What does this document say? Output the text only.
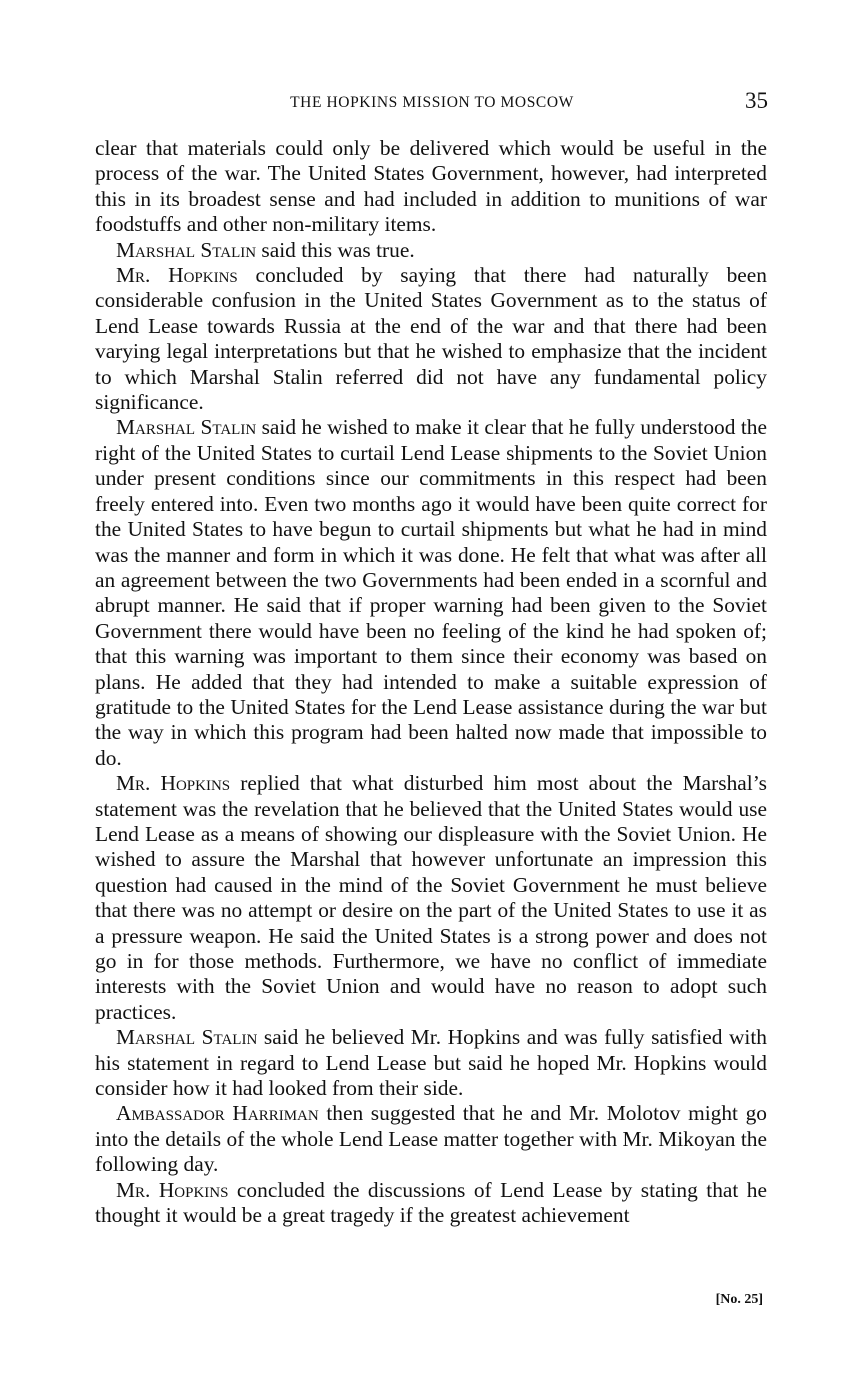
THE HOPKINS MISSION TO MOSCOW	35

clear that materials could only be delivered which would be useful in the process of the war. The United States Government, however, had interpreted this in its broadest sense and had included in addition to munitions of war foodstuffs and other non-military items.

Marshal Stalin said this was true.

Mr. Hopkins concluded by saying that there had naturally been considerable confusion in the United States Government as to the status of Lend Lease towards Russia at the end of the war and that there had been varying legal interpretations but that he wished to emphasize that the incident to which Marshal Stalin referred did not have any fundamental policy significance.

Marshal Stalin said he wished to make it clear that he fully understood the right of the United States to curtail Lend Lease shipments to the Soviet Union under present conditions since our commitments in this respect had been freely entered into. Even two months ago it would have been quite correct for the United States to have begun to curtail shipments but what he had in mind was the manner and form in which it was done. He felt that what was after all an agreement between the two Governments had been ended in a scornful and abrupt manner. He said that if proper warning had been given to the Soviet Government there would have been no feeling of the kind he had spoken of; that this warning was important to them since their economy was based on plans. He added that they had intended to make a suitable expression of gratitude to the United States for the Lend Lease assistance during the war but the way in which this program had been halted now made that impossible to do.

Mr. Hopkins replied that what disturbed him most about the Marshal’s statement was the revelation that he believed that the United States would use Lend Lease as a means of showing our displeasure with the Soviet Union. He wished to assure the Marshal that however unfortunate an impression this question had caused in the mind of the Soviet Government he must believe that there was no attempt or desire on the part of the United States to use it as a pressure weapon. He said the United States is a strong power and does not go in for those methods. Furthermore, we have no conflict of immediate interests with the Soviet Union and would have no reason to adopt such practices.

Marshal Stalin said he believed Mr. Hopkins and was fully satisfied with his statement in regard to Lend Lease but said he hoped Mr. Hopkins would consider how it had looked from their side.

Ambassador Harriman then suggested that he and Mr. Molotov might go into the details of the whole Lend Lease matter together with Mr. Mikoyan the following day.

Mr. Hopkins concluded the discussions of Lend Lease by stating that he thought it would be a great tragedy if the greatest achievement

[No. 25]
